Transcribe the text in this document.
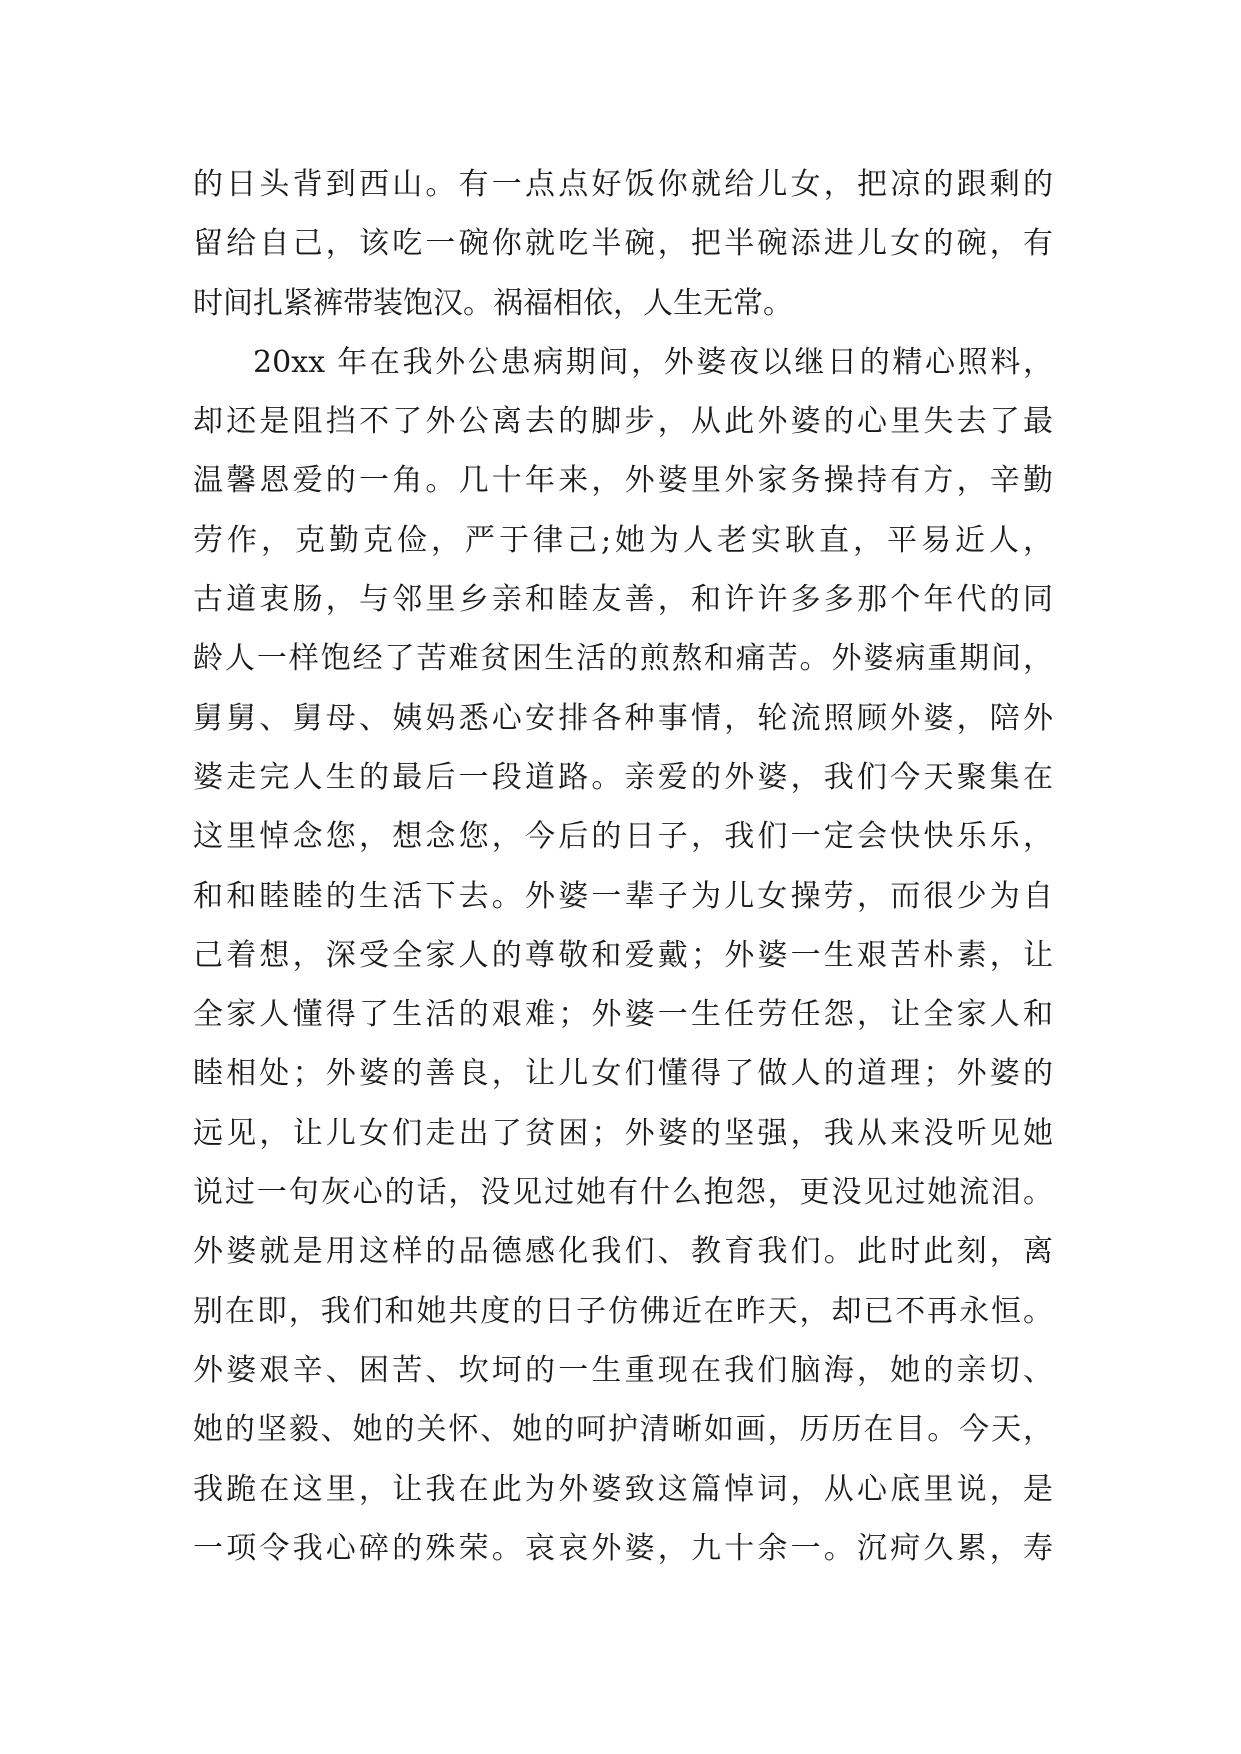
的日头背到西山。有一点点好饭你就给儿女，把凉的跟剩的
留给自己，该吃一碗你就吃半碗，把半碗添进儿女的碗，有
时间扎紧裤带装饱汉。祸福相依，人生无常。
20xx 年在我外公患病期间，外婆夜以继日的精心照料，
却还是阻挡不了外公离去的脚步，从此外婆的心里失去了最
温馨恩爱的一角。几十年来，外婆里外家务操持有方，辛勤
劳作，克勤克俭，严于律己;她为人老实耿直，平易近人，
古道衷肠，与邻里乡亲和睦友善，和许许多多那个年代的同
龄人一样饱经了苦难贫困生活的煎熬和痛苦。外婆病重期间，
舅舅、舅母、姨妈悉心安排各种事情，轮流照顾外婆，陪外
婆走完人生的最后一段道路。亲爱的外婆，我们今天聚集在
这里悼念您，想念您，今后的日子，我们一定会快快乐乐，
和和睦睦的生活下去。外婆一辈子为儿女操劳，而很少为自
己着想，深受全家人的尊敬和爱戴；外婆一生艰苦朴素，让
全家人懂得了生活的艰难；外婆一生任劳任怨，让全家人和
睦相处；外婆的善良，让儿女们懂得了做人的道理；外婆的
远见，让儿女们走出了贫困；外婆的坚强，我从来没听见她
说过一句灰心的话，没见过她有什么抱怨，更没见过她流泪。
外婆就是用这样的品德感化我们、教育我们。此时此刻，离
别在即，我们和她共度的日子仿佛近在昨天，却已不再永恒。
外婆艰辛、困苦、坎坷的一生重现在我们脑海，她的亲切、
她的坚毅、她的关怀、她的呵护清晰如画，历历在目。今天，
我跪在这里，让我在此为外婆致这篇悼词，从心底里说，是
一项令我心碎的殊荣。哀哀外婆，九十余一。沉疴久累，寿
